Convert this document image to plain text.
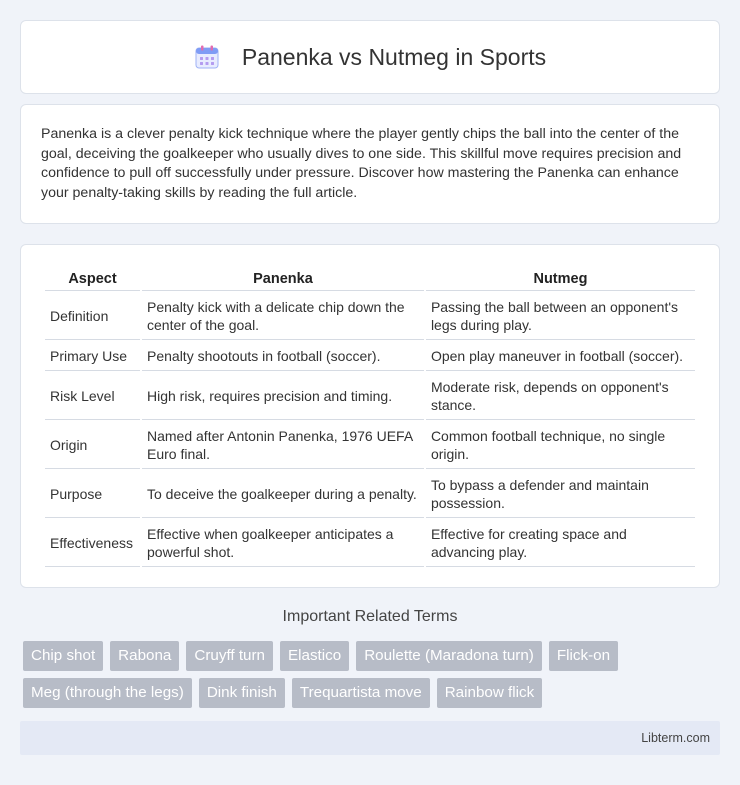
Panenka vs Nutmeg in Sports

Panenka is a clever penalty kick technique where the player gently chips the ball into the center of the goal, deceiving the goalkeeper who usually dives to one side. This skillful move requires precision and confidence to pull off successfully under pressure. Discover how mastering the Panenka can enhance your penalty-taking skills by reading the full article.

Aspect	Panenka	Nutmeg
Definition	Penalty kick with a delicate chip down the center of the goal.	Passing the ball between an opponent's legs during play.
Primary Use	Penalty shootouts in football (soccer).	Open play maneuver in football (soccer).
Risk Level	High risk, requires precision and timing.	Moderate risk, depends on opponent's stance.
Origin	Named after Antonin Panenka, 1976 UEFA Euro final.	Common football technique, no single origin.
Purpose	To deceive the goalkeeper during a penalty.	To bypass a defender and maintain possession.
Effectiveness	Effective when goalkeeper anticipates a powerful shot.	Effective for creating space and advancing play.
Important Related Terms
Chip shot	Rabona	Cruyff turn	Elastico	Roulette (Maradona turn)	Flick-on
Meg (through the legs)	Dink finish	Trequartista move	Rainbow flick
Libterm.com
